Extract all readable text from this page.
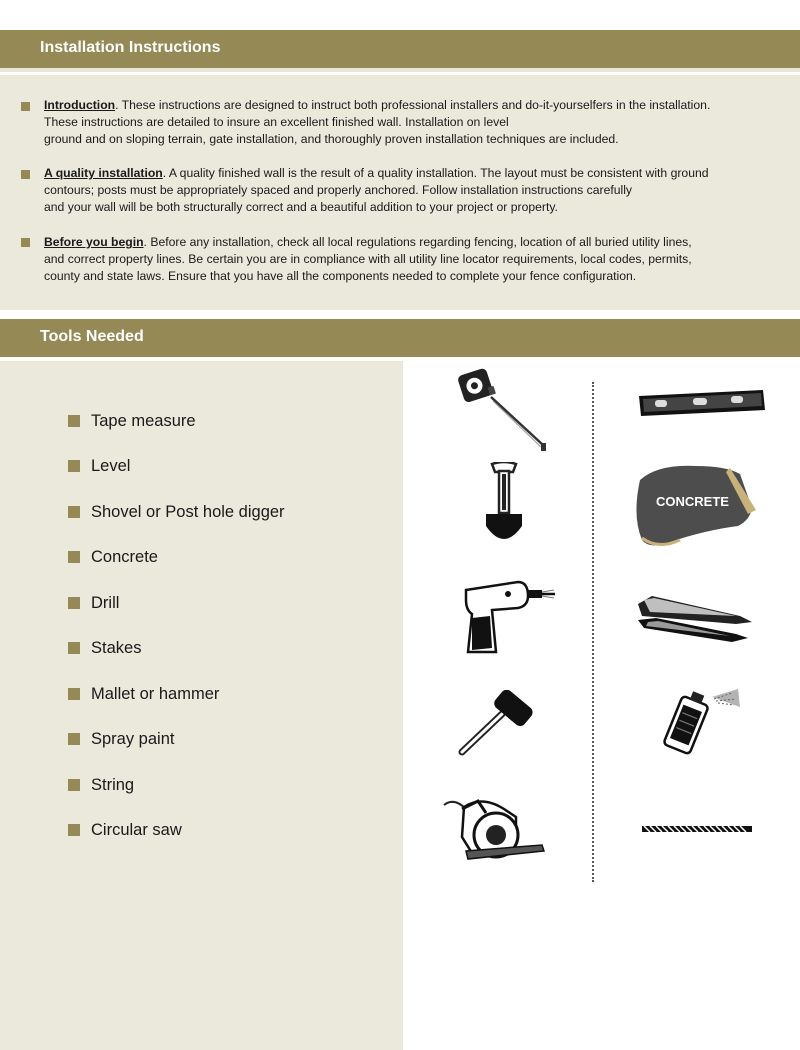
Installation Instructions
Introduction. These instructions are designed to instruct both professional installers and do-it-yourselfers in the installation.
These instructions are detailed to insure an excellent finished wall. Installation on level
ground and on sloping terrain, gate installation, and thoroughly proven installation techniques are included.
A quality installation. A quality finished wall is the result of a quality installation. The layout must be consistent with ground
contours; posts must be appropriately spaced and properly anchored. Follow installation instructions carefully
and your wall will be both structurally correct and a beautiful addition to your project or property.
Before you begin. Before any installation, check all local regulations regarding fencing, location of all buried utility lines,
and correct property lines. Be certain you are in compliance with all utility line locator requirements, local codes, permits,
county and state laws. Ensure that you have all the components needed to complete your fence configuration.
Tools Needed
Tape measure
Level
Shovel or Post hole digger
Concrete
Drill
Stakes
Mallet or hammer
Spray paint
String
Circular saw
CONCRETE
